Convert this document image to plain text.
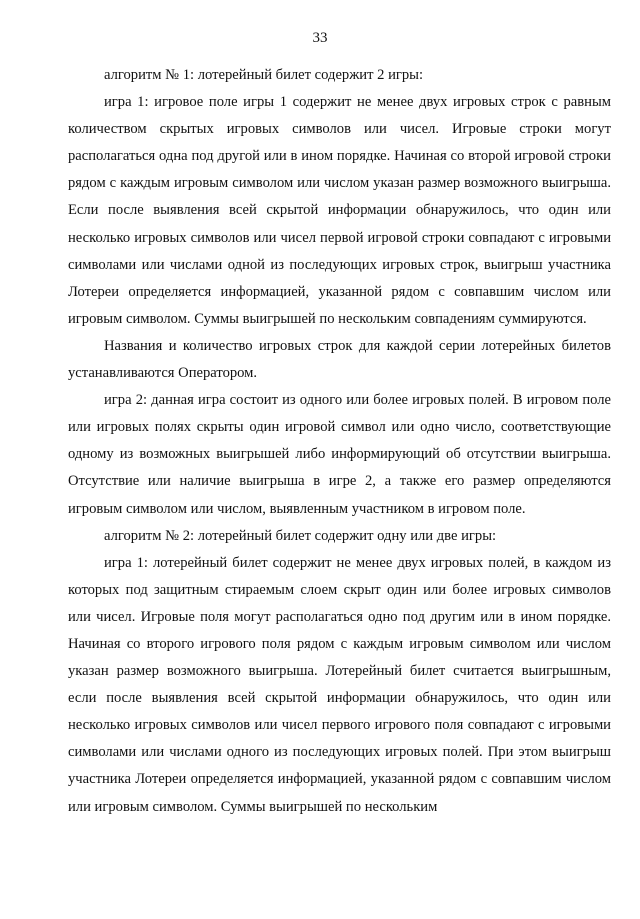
33

алгоритм № 1: лотерейный билет содержит 2 игры:

игра 1: игровое поле игры 1 содержит не менее двух игровых строк с равным количеством скрытых игровых символов или чисел. Игровые строки могут располагаться одна под другой или в ином порядке. Начиная со второй игровой строки рядом с каждым игровым символом или числом указан размер возможного выигрыша. Если после выявления всей скрытой информации обнаружилось, что один или несколько игровых символов или чисел первой игровой строки совпадают с игровыми символами или числами одной из последующих игровых строк, выигрыш участника Лотереи определяется информацией, указанной рядом с совпавшим числом или игровым символом. Суммы выигрышей по нескольким совпадениям суммируются.

Названия и количество игровых строк для каждой серии лотерейных билетов устанавливаются Оператором.

игра 2: данная игра состоит из одного или более игровых полей. В игровом поле или игровых полях скрыты один игровой символ или одно число, соответствующие одному из возможных выигрышей либо информирующий об отсутствии выигрыша. Отсутствие или наличие выигрыша в игре 2, а также его размер определяются игровым символом или числом, выявленным участником в игровом поле.

алгоритм № 2: лотерейный билет содержит одну или две игры:

игра 1: лотерейный билет содержит не менее двух игровых полей, в каждом из которых под защитным стираемым слоем скрыт один или более игровых символов или чисел. Игровые поля могут располагаться одно под другим или в ином порядке. Начиная со второго игрового поля рядом с каждым игровым символом или числом указан размер возможного выигрыша. Лотерейный билет считается выигрышным, если после выявления всей скрытой информации обнаружилось, что один или несколько игровых символов или чисел первого игрового поля совпадают с игровыми символами или числами одного из последующих игровых полей. При этом выигрыш участника Лотереи определяется информацией, указанной рядом с совпавшим числом или игровым символом. Суммы выигрышей по нескольким
